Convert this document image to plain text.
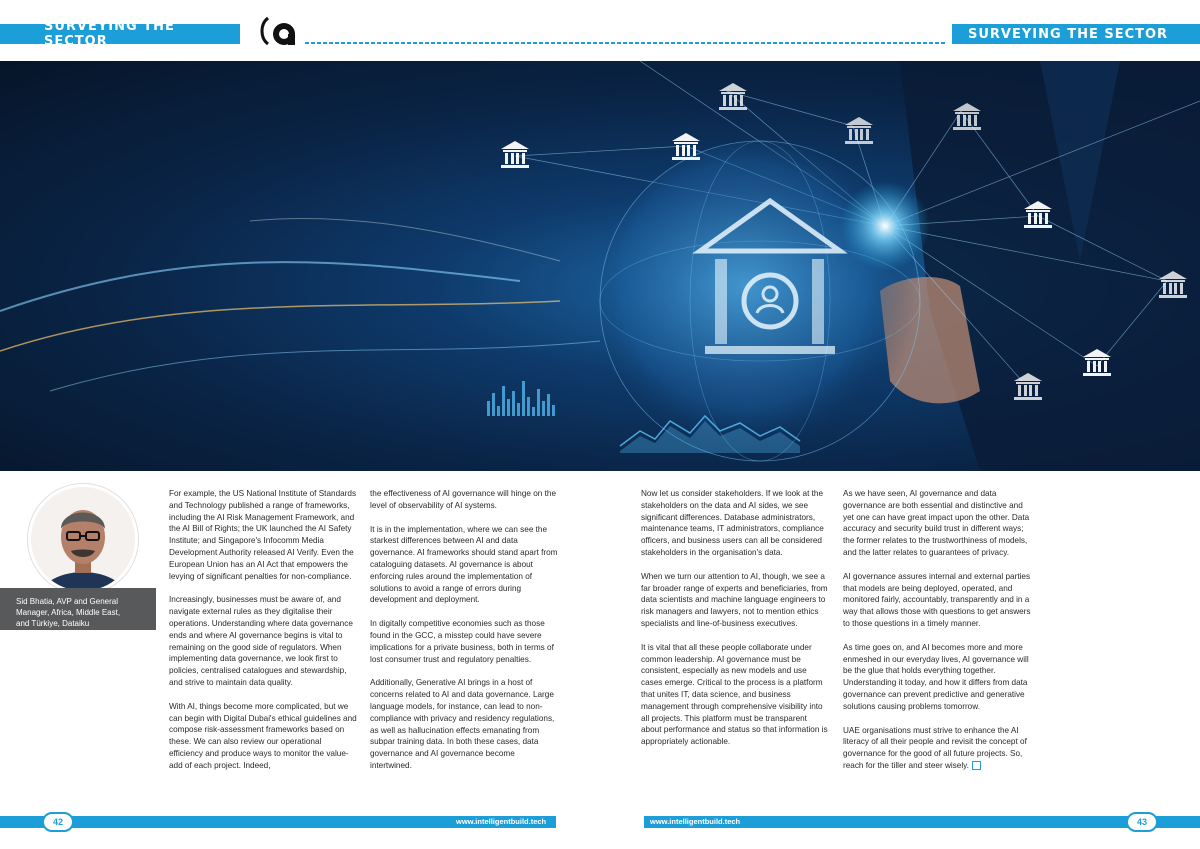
SURVEYING THE SECTOR	SURVEYING THE SECTOR
Sid Bhatia, AVP and General
Manager, Africa, Middle East,
and Türkiye, Dataiku

For example, the US National Institute of Standards and Technology published a range of frameworks, including the AI Risk Management Framework, and the AI Bill of Rights; the UK launched the AI Safety Institute; and Singapore's Infocomm Media Development Authority released AI Verify. Even the European Union has an AI Act that empowers the levying of significant penalties for non-compliance.

Increasingly, businesses must be aware of, and navigate external rules as they digitalise their operations. Understanding where data governance ends and where AI governance begins is vital to remaining on the good side of regulators. When implementing data governance, we look first to policies, centralised catalogues and stewardship, and strive to maintain data quality.

With AI, things become more complicated, but we can begin with Digital Dubai's ethical guidelines and compose risk-assessment frameworks based on these. We can also review our operational efficiency and produce ways to monitor the value-add of each project. Indeed,

the effectiveness of AI governance will hinge on the level of observability of AI systems.

It is in the implementation, where we can see the starkest differences between AI and data governance. AI frameworks should stand apart from cataloguing datasets. AI governance is about enforcing rules around the implementation of solutions to avoid a range of errors during development and deployment.

In digitally competitive economies such as those found in the GCC, a misstep could have severe implications for a private business, both in terms of lost consumer trust and regulatory penalties.

Additionally, Generative AI brings in a host of concerns related to AI and data governance. Large language models, for instance, can lead to non-compliance with privacy and residency regulations, as well as hallucination effects emanating from subpar training data. In both these cases, data governance and AI governance become intertwined.

Now let us consider stakeholders. If we look at the stakeholders on the data and AI sides, we see significant differences. Database administrators, maintenance teams, IT administrators, compliance officers, and business users can all be considered stakeholders in the organisation's data.

When we turn our attention to AI, though, we see a far broader range of experts and beneficiaries, from data scientists and machine language engineers to risk managers and lawyers, not to mention ethics specialists and line-of-business executives.

It is vital that all these people collaborate under common leadership. AI governance must be consistent, especially as new models and use cases emerge. Critical to the process is a platform that unites IT, data science, and business management through comprehensive visibility into all projects. This platform must be transparent about performance and status so that information is appropriately actionable.

As we have seen, AI governance and data governance are both essential and distinctive and yet one can have great impact upon the other. Data accuracy and security build trust in different ways; the former relates to the trustworthiness of models, and the latter relates to guarantees of privacy.

AI governance assures internal and external parties that models are being deployed, operated, and monitored fairly, accountably, transparently and in a way that allows those with questions to get answers to those questions in a timely manner.

As time goes on, and AI becomes more and more enmeshed in our everyday lives, AI governance will be the glue that holds everything together. Understanding it today, and how it differs from data governance can prevent predictive and generative solutions causing problems tomorrow.

UAE organisations must strive to enhance the AI literacy of all their people and revisit the concept of governance for the good of all future projects. So, reach for the tiller and steer wisely.

www.intelligentbuild.tech	www.intelligentbuild.tech
42	43
